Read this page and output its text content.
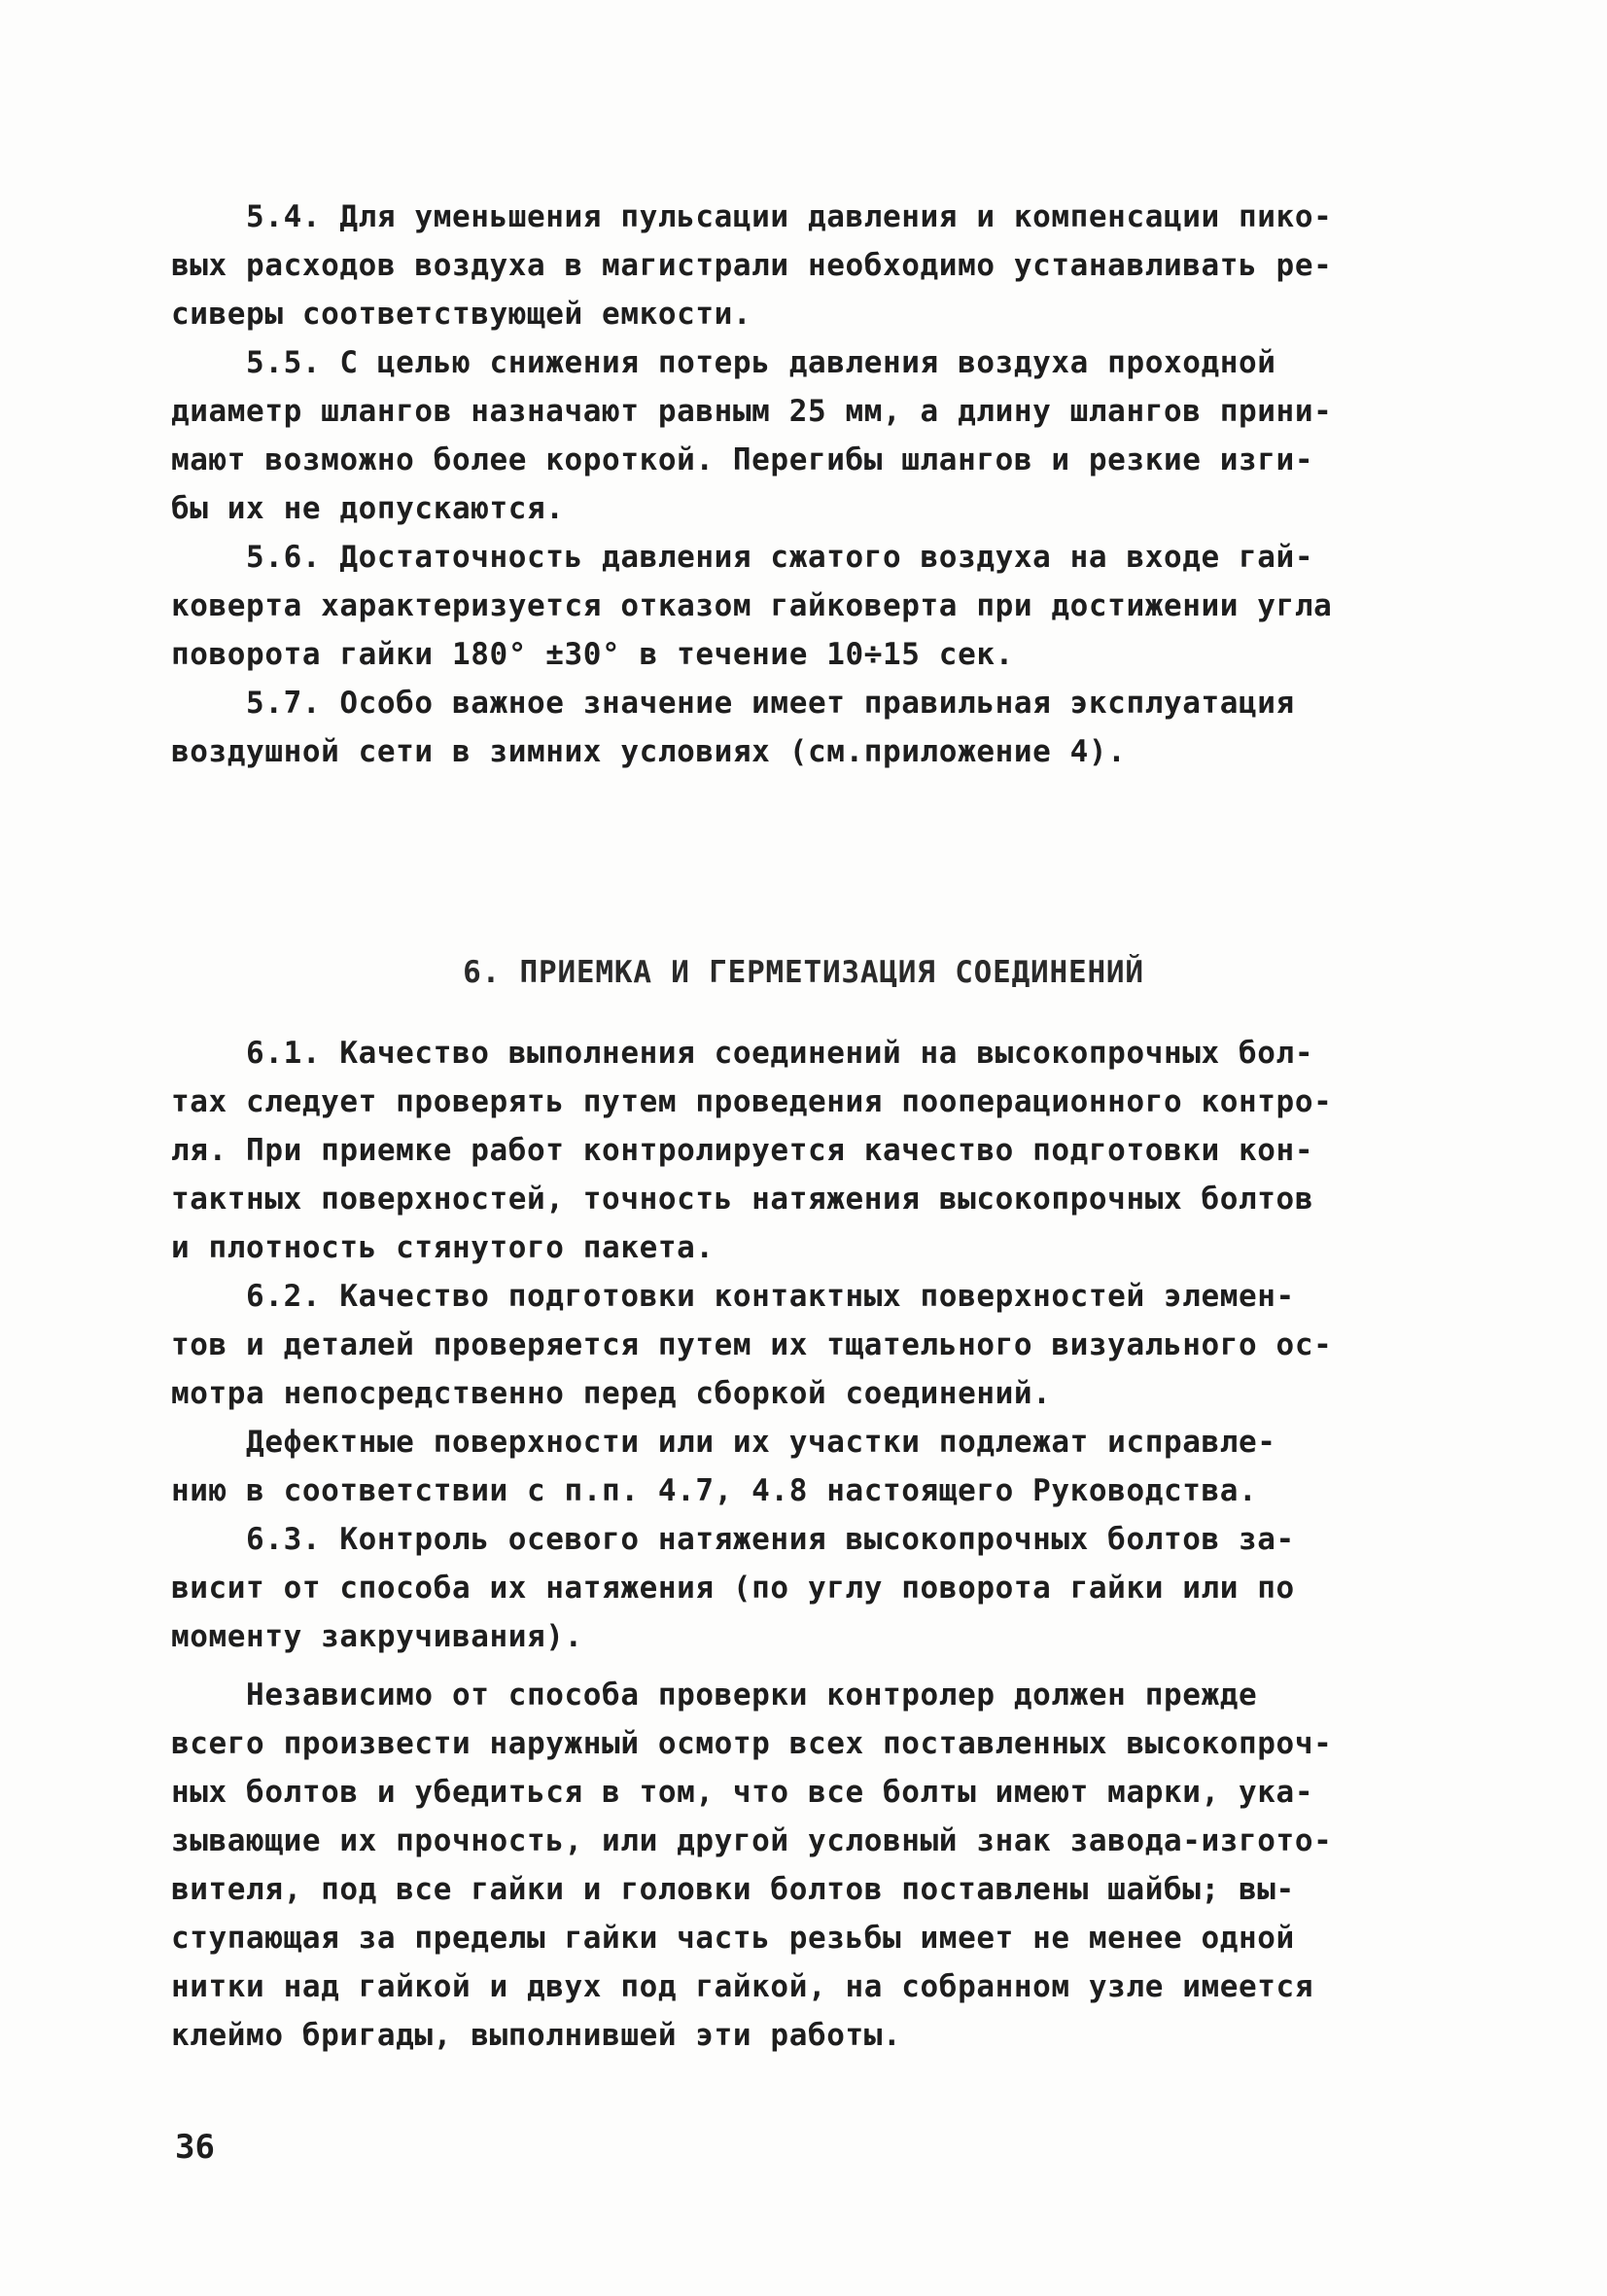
5.4. Для уменьшения пульсации давления и компенсации пико-

вых расходов воздуха в магистрали необходимо устанавливать ре-

сиверы соответствующей емкости.

5.5. С целью снижения потерь давления воздуха проходной

диаметр шлангов назначают равным 25 мм, а длину шлангов прини-

мают возможно более короткой. Перегибы шлангов и резкие изги-

бы их не допускаются.

5.6. Достаточность давления сжатого воздуха на входе гай-

коверта характеризуется отказом гайковерта при достижении угла

поворота гайки 180° ±30° в течение 10÷15 сек.

5.7. Особо важное значение имеет правильная эксплуатация

воздушной сети в зимних условиях (см.приложение 4).

6. ПРИЕМКА И ГЕРМЕТИЗАЦИЯ СОЕДИНЕНИЙ

6.1. Качество выполнения соединений на высокопрочных бол-

тах следует проверять путем проведения пооперационного контро-

ля. При приемке работ контролируется качество подготовки кон-

тактных поверхностей, точность натяжения высокопрочных болтов

и плотность стянутого пакета.

6.2. Качество подготовки контактных поверхностей элемен-

тов и деталей проверяется путем их тщательного визуального ос-

мотра непосредственно перед сборкой соединений.

Дефектные поверхности или их участки подлежат исправле-

нию в соответствии с п.п. 4.7, 4.8 настоящего Руководства.

6.3. Контроль осевого натяжения высокопрочных болтов за-

висит от способа их натяжения (по углу поворота гайки или по

моменту закручивания).

Независимо от способа проверки контролер должен прежде

всего произвести наружный осмотр всех поставленных высокопроч-

ных болтов и убедиться в том, что все болты имеют марки, ука-

зывающие их прочность, или другой условный знак завода-изгото-

вителя, под все гайки и головки болтов поставлены шайбы; вы-

ступающая за пределы гайки часть резьбы имеет не менее одной

нитки над гайкой и двух под гайкой, на собранном узле имеется

клеймо бригады, выполнившей эти работы.

36
